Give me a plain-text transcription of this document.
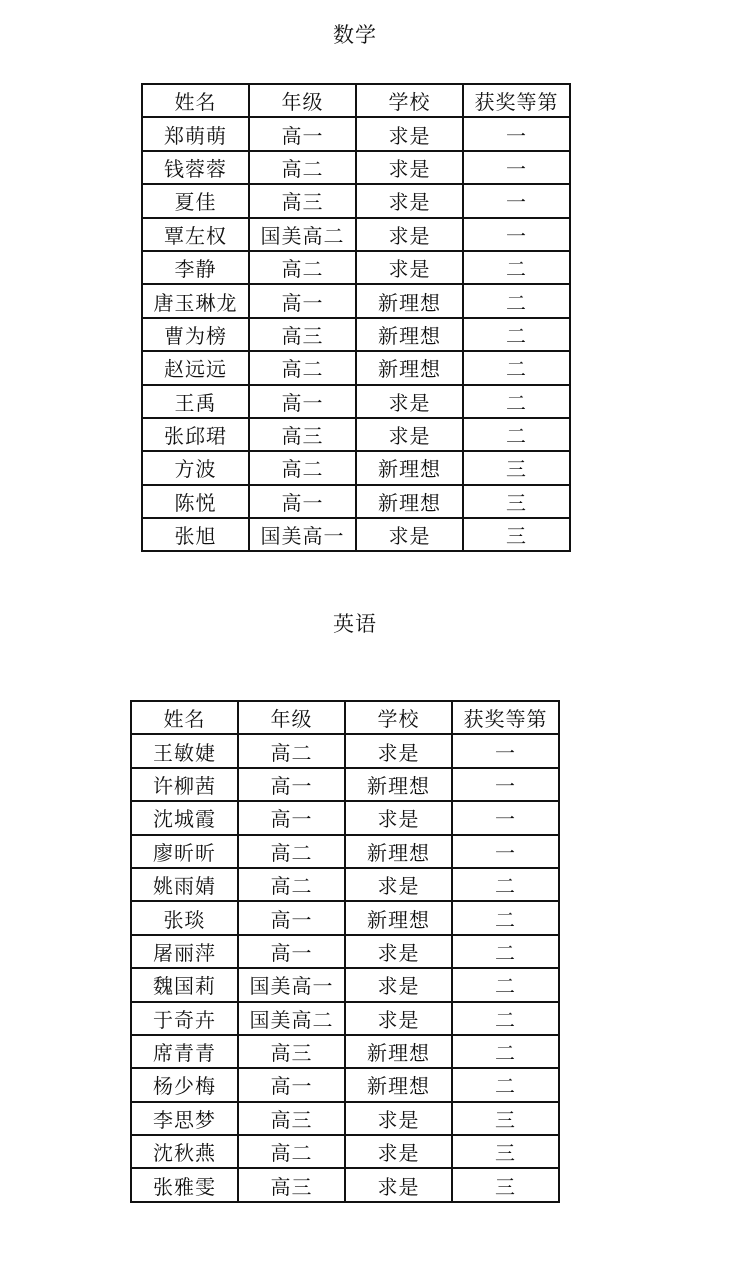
数学
姓名	年级	学校	获奖等第
郑萌萌	高一	求是	一
钱蓉蓉	高二	求是	一
夏佳	高三	求是	一
覃左权	国美高二	求是	一
李静	高二	求是	二
唐玉琳龙	高一	新理想	二
曹为榜	高三	新理想	二
赵远远	高二	新理想	二
王禹	高一	求是	二
张邱珺	高三	求是	二
方波	高二	新理想	三
陈悦	高一	新理想	三
张旭	国美高一	求是	三
英语
姓名	年级	学校	获奖等第
王敏婕	高二	求是	一
许柳茜	高一	新理想	一
沈城霞	高一	求是	一
廖昕昕	高二	新理想	一
姚雨婧	高二	求是	二
张琰	高一	新理想	二
屠丽萍	高一	求是	二
魏国莉	国美高一	求是	二
于奇卉	国美高二	求是	二
席青青	高三	新理想	二
杨少梅	高一	新理想	二
李思梦	高三	求是	三
沈秋燕	高二	求是	三
张雅雯	高三	求是	三
